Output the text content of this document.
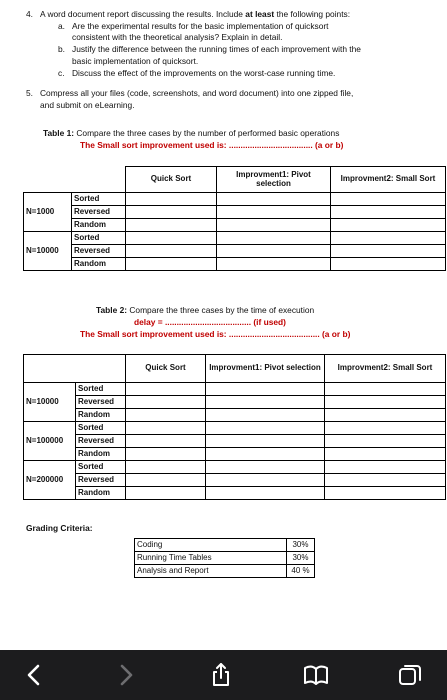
4. A word document report discussing the results. Include at least the following points:
a. Are the experimental results for the basic implementation of quicksort
consistent with the theoretical analysis? Explain in detail.
b. Justify the difference between the running times of each improvement with the
basic implementation of quicksort.
c. Discuss the effect of the improvements on the worst-case running time.
5. Compress all your files (code, screenshots, and word document) into one zipped file,
and submit on eLearning.
Table 1: Compare the three cases by the number of performed basic operations
The Small sort improvement used is: .................................... (a or b)
		Quick Sort	Improvment1: Pivot selection	Improvment2: Small Sort
N=1000	Sorted			
	Reversed			
	Random			
N=10000	Sorted			
	Reversed			
	Random			
Table 2: Compare the three cases by the time of execution
delay = ..................................... (if used)
The Small sort improvement used is: ....................................... (a or b)
		Quick Sort	Improvment1: Pivot selection	Improvment2: Small Sort
N=10000	Sorted			
	Reversed			
	Random			
N=100000	Sorted			
	Reversed			
	Random			
N=200000	Sorted			
	Reversed			
	Random			
Grading Criteria:
Coding	30%
Running Time Tables	30%
Analysis and Report	40 %
